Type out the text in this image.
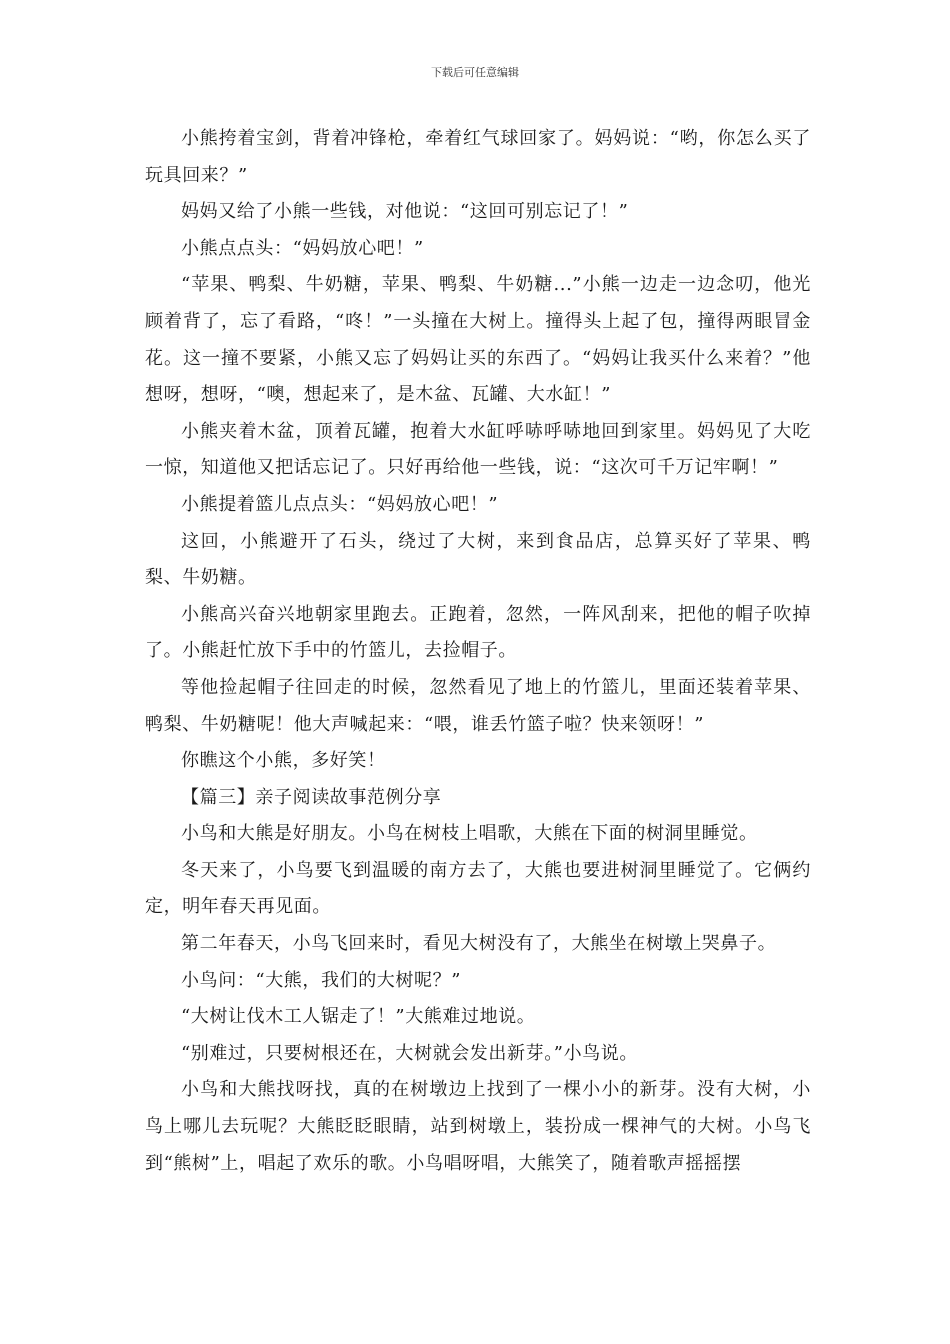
下载后可任意编辑

小熊挎着宝剑，背着冲锋枪，牵着红气球回家了。妈妈说：“哟，你怎么买了玩具回来？”

妈妈又给了小熊一些钱，对他说：“这回可别忘记了！”

小熊点点头：“妈妈放心吧！”

“苹果、鸭梨、牛奶糖，苹果、鸭梨、牛奶糖...”小熊一边走一边念叨，他光顾着背了，忘了看路，“咚！”一头撞在大树上。撞得头上起了包，撞得两眼冒金花。这一撞不要紧，小熊又忘了妈妈让买的东西了。“妈妈让我买什么来着？”他想呀，想呀，“噢，想起来了，是木盆、瓦罐、大水缸！”

小熊夹着木盆，顶着瓦罐，抱着大水缸呼哧呼哧地回到家里。妈妈见了大吃一惊，知道他又把话忘记了。只好再给他一些钱，说：“这次可千万记牢啊！”

小熊提着篮儿点点头：“妈妈放心吧！”

这回，小熊避开了石头，绕过了大树，来到食品店，总算买好了苹果、鸭梨、牛奶糖。

小熊高兴奋兴地朝家里跑去。正跑着，忽然，一阵风刮来，把他的帽子吹掉了。小熊赶忙放下手中的竹篮儿，去捡帽子。

等他捡起帽子往回走的时候，忽然看见了地上的竹篮儿，里面还装着苹果、鸭梨、牛奶糖呢！他大声喊起来：“喂，谁丢竹篮子啦？快来领呀！”

你瞧这个小熊，多好笑！

【篇三】亲子阅读故事范例分享

小鸟和大熊是好朋友。小鸟在树枝上唱歌，大熊在下面的树洞里睡觉。

冬天来了，小鸟要飞到温暖的南方去了，大熊也要进树洞里睡觉了。它俩约定，明年春天再见面。

第二年春天，小鸟飞回来时，看见大树没有了，大熊坐在树墩上哭鼻子。

小鸟问：“大熊，我们的大树呢？”

“大树让伐木工人锯走了！”大熊难过地说。

“别难过，只要树根还在，大树就会发出新芽。”小鸟说。

小鸟和大熊找呀找，真的在树墩边上找到了一棵小小的新芽。没有大树，小鸟上哪儿去玩呢？大熊眨眨眼睛，站到树墩上，装扮成一棵神气的大树。小鸟飞到“熊树”上，唱起了欢乐的歌。小鸟唱呀唱，大熊笑了，随着歌声摇摇摆
